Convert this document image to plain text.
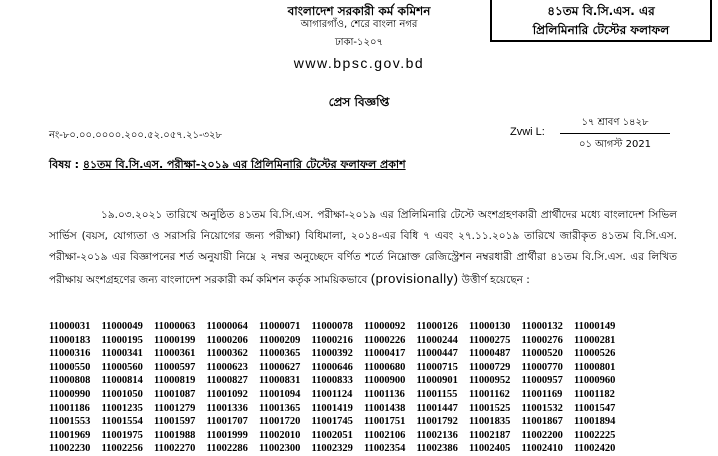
বাংলাদেশ সরকারী কর্ম কমিশন
আগারগাঁও, শেরে বাংলা নগর
ঢাকা-১২০৭
www.bpsc.gov.bd
৪১তম বি.সি.এস. এর
প্রিলিমিনারি টেস্টের ফলাফল
প্রেস বিজ্ঞপ্তি
নং-৮০.০০.০০০০.২০০.৫২.০৫৭.২১-৩২৮	Zvwi L:
১৭ শ্রাবণ ১৪২৮
০১ আগস্ট 2021
বিষয় : ৪১তম বি.সি.এস. পরীক্ষা-২০১৯ এর প্রিলিমিনারি টেস্টের ফলাফল প্রকাশ
১৯.০৩.২০২১ তারিখে অনুষ্ঠিত ৪১তম বি.সি.এস. পরীক্ষা-২০১৯ এর প্রিলিমিনারি টেস্টে অংশগ্রহণকারী প্রার্থীদের মধ্যে বাংলাদেশ সিভিল সার্ভিস (বয়স, যোগ্যতা ও সরাসরি নিয়োগের জন্য পরীক্ষা) বিধিমালা, ২০১৪-এর বিধি ৭ এবং ২৭.১১.২০১৯ তারিখে জারীকৃত ৪১তম বি.সি.এস. পরীক্ষা-২০১৯ এর বিজ্ঞাপনের শর্ত অনুযায়ী নিম্নে ২ নম্বর অনুচ্ছেদে বর্ণিত শর্তে নিম্নোক্ত রেজিস্ট্রেশন নম্বরধারী প্রার্থীরা ৪১তম বি.সি.এস. এর লিখিত পরীক্ষায় অংশগ্রহণের জন্য বাংলাদেশ সরকারী কর্ম কমিশন কর্তৃক সাময়িকভাবে (provisionally) উত্তীর্ণ হয়েছেন :
11000031	11000049	11000063	11000064	11000071	11000078	11000092	11000126	11000130	11000132	11000149
11000183	11000195	11000199	11000206	11000209	11000216	11000226	11000244	11000275	11000276	11000281
11000316	11000341	11000361	11000362	11000365	11000392	11000417	11000447	11000487	11000520	11000526
11000550	11000560	11000597	11000623	11000627	11000646	11000680	11000715	11000729	11000770	11000801
11000808	11000814	11000819	11000827	11000831	11000833	11000900	11000901	11000952	11000957	11000960
11000990	11001050	11001087	11001092	11001094	11001124	11001136	11001155	11001162	11001169	11001182
11001186	11001235	11001279	11001336	11001365	11001419	11001438	11001447	11001525	11001532	11001547
11001553	11001554	11001597	11001707	11001720	11001745	11001751	11001792	11001835	11001867	11001894
11001969	11001975	11001988	11001999	11002010	11002051	11002106	11002136	11002187	11002200	11002225
11002230	11002256	11002270	11002286	11002300	11002329	11002354	11002386	11002405	11002410	11002420
